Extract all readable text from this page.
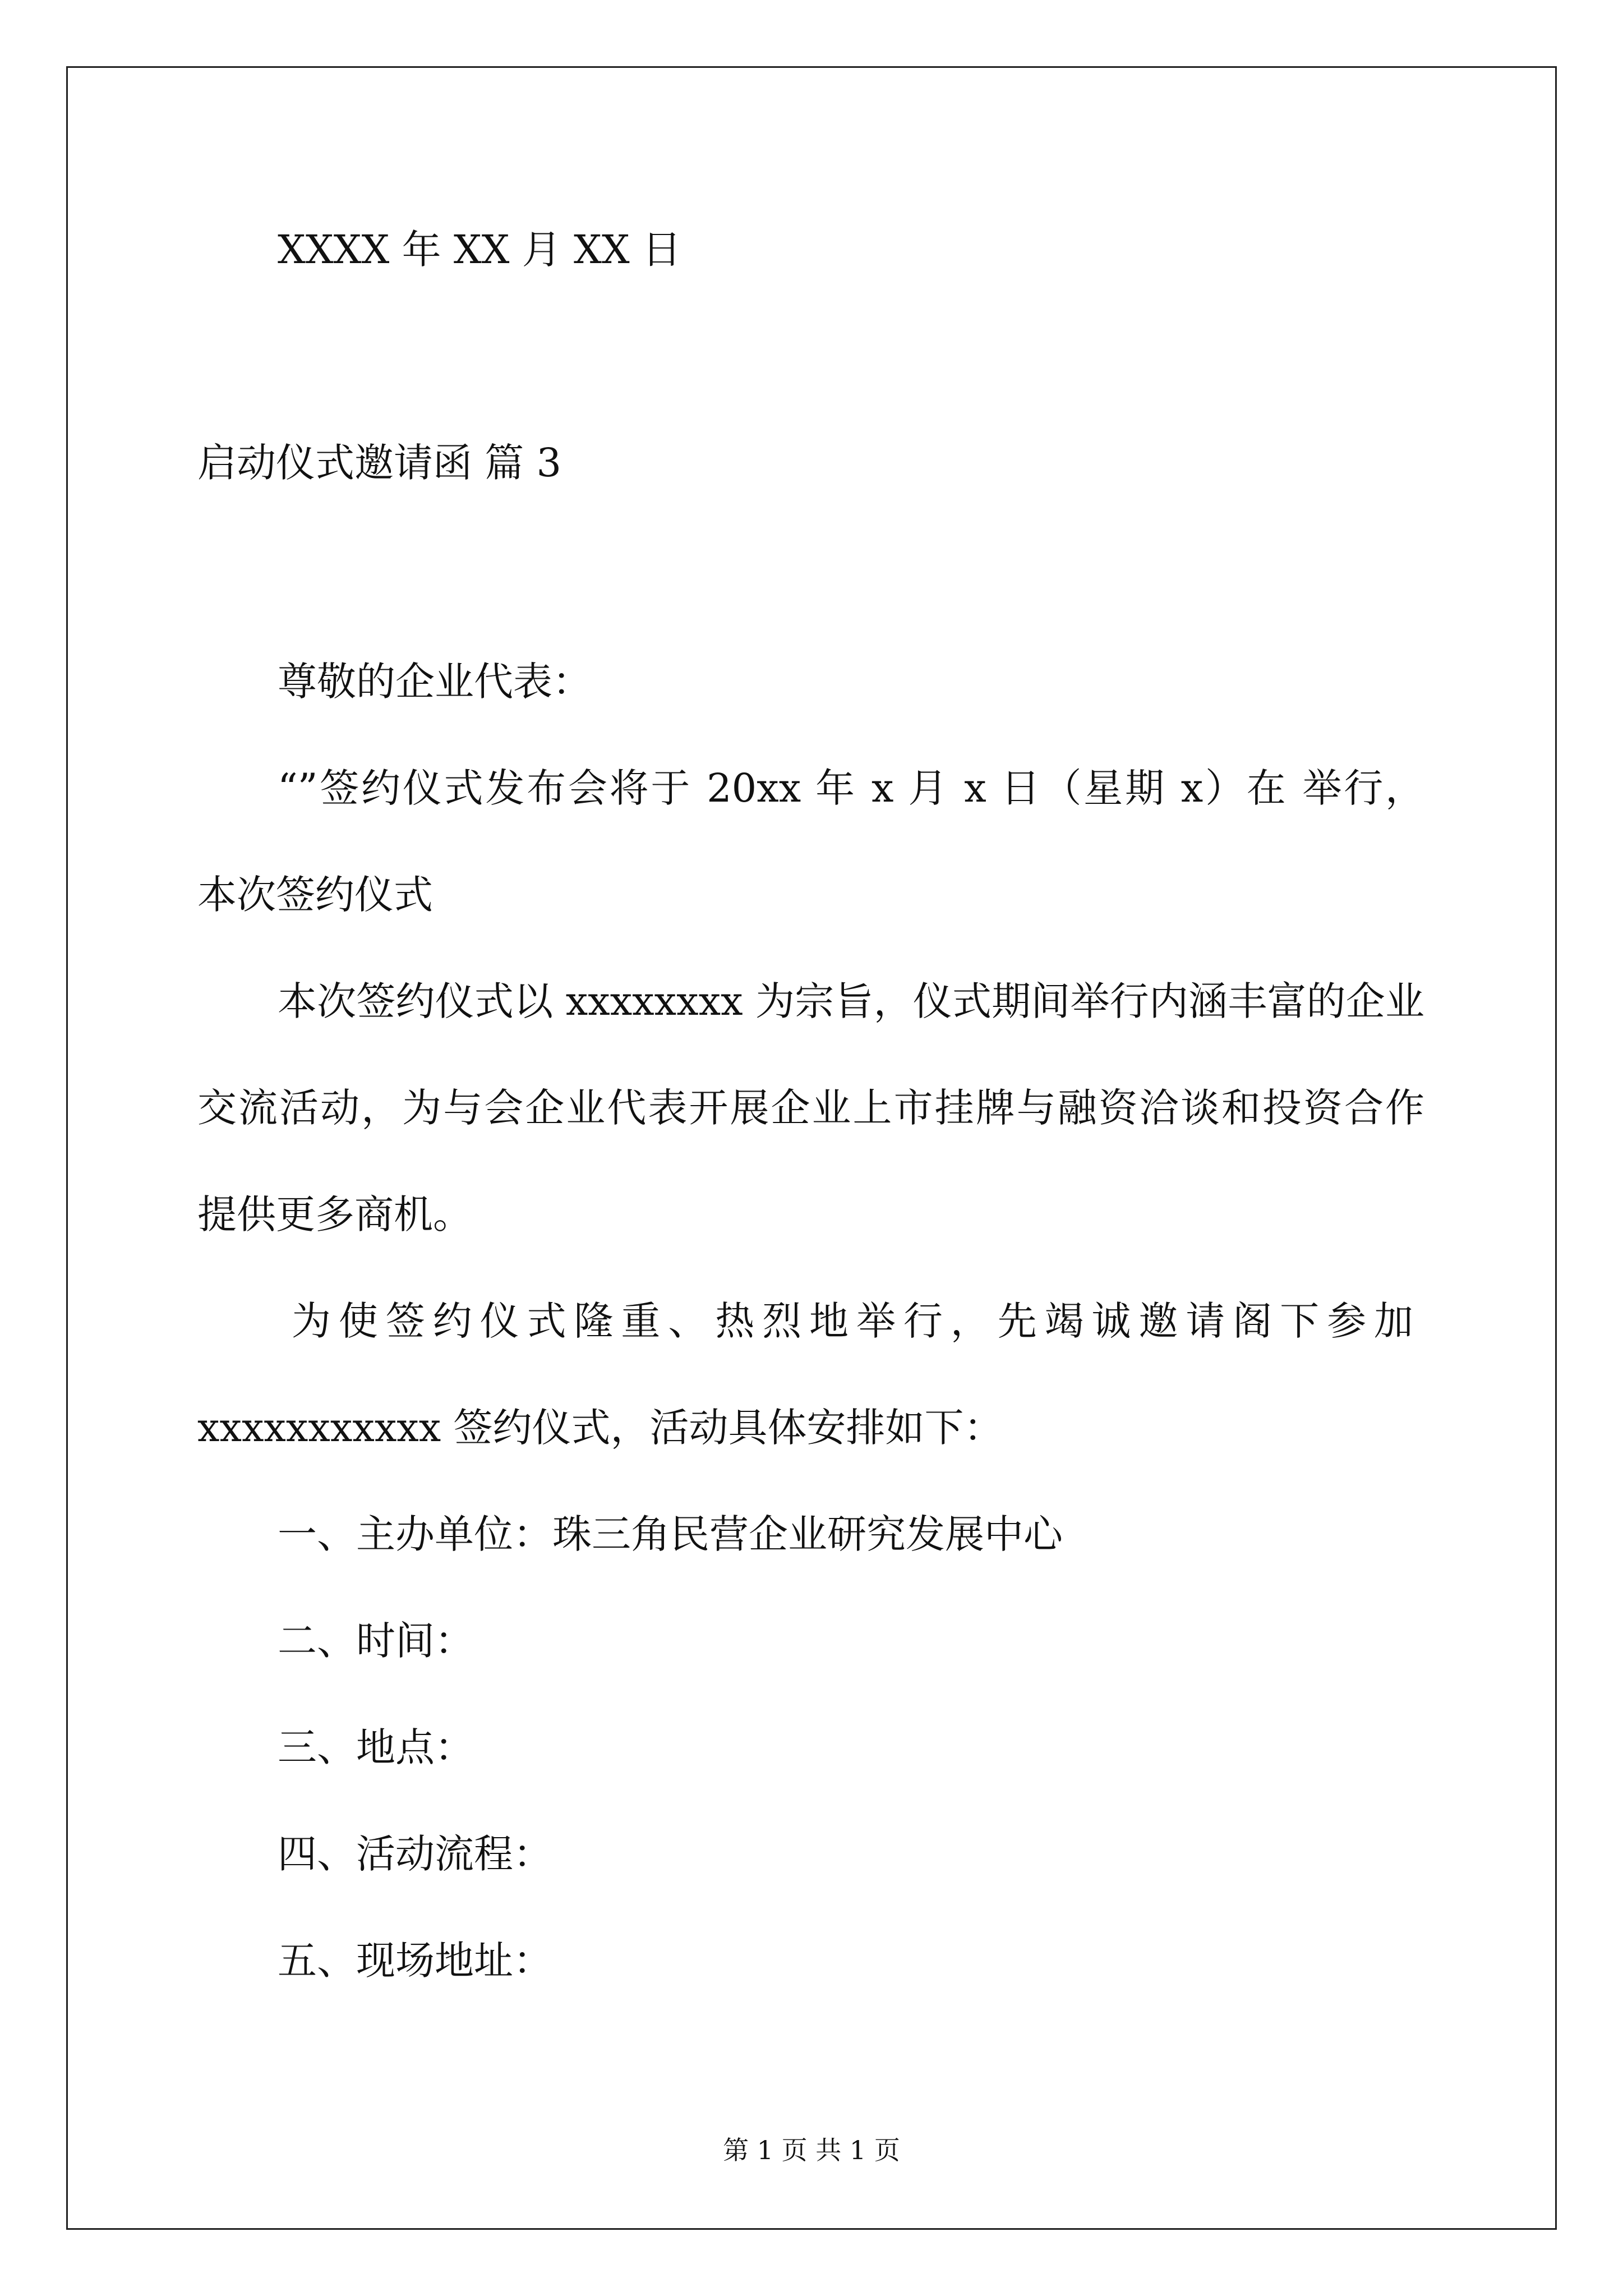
XXXX 年 XX 月 XX 日
启动仪式邀请函 篇 3
尊敬的企业代表：
“”签约仪式发布会将于 20xx 年 x 月 x 日（星期 x）在 举行，
本次签约仪式
本次签约仪式以 xxxxxxxx 为宗旨，仪式期间举行内涵丰富的企业
交流活动，为与会企业代表开展企业上市挂牌与融资洽谈和投资合作
提供更多商机。
为使签约仪式隆重、热烈地举行，先竭诚邀请阁下参加
xxxxxxxxxxx 签约仪式，活动具体安排如下：
一、主办单位：珠三角民营企业研究发展中心
二、时间：
三、地点：
四、活动流程：
五、现场地址：
第 1 页 共 1 页
